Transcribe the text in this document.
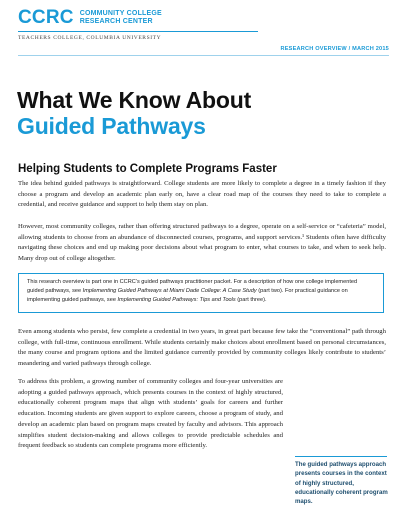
CCRC COMMUNITY COLLEGE
RESEARCH CENTER
TEACHERS COLLEGE, COLUMBIA UNIVERSITY
RESEARCH OVERVIEW / MARCH 2015
What We Know About
Guided Pathways
Helping Students to Complete Programs Faster
The idea behind guided pathways is straightforward. College students are more likely to complete a degree in a timely fashion if they choose a program and develop an academic plan early on, have a clear road map of the courses they need to take to complete a credential, and receive guidance and support to help them stay on plan.
However, most community colleges, rather than offering structured pathways to a degree, operate on a self-service or “cafeteria” model, allowing students to choose from an abundance of disconnected courses, programs, and support services.¹ Students often have difficulty navigating these choices and end up making poor decisions about what program to enter, what courses to take, and when to seek help. Many drop out of college altogether.
This research overview is part one in CCRC’s guided pathways practitioner packet. For a description of how one college implemented guided pathways, see Implementing Guided Pathways at Miami Dade College: A Case Study (part two). For practical guidance on implementing guided pathways, see Implementing Guided Pathways: Tips and Tools (part three).
Even among students who persist, few complete a credential in two years, in great part because few take the “conventional” path through college, with full-time, continuous enrollment. While students certainly make choices about enrollment based on personal circumstances, the many course and program options and the limited guidance currently provided by community colleges likely contribute to students’ meandering and varied pathways through college.
To address this problem, a growing number of community colleges and four-year universities are adopting a guided pathways approach, which presents courses in the context of highly structured, educationally coherent program maps that align with students’ goals for careers and further education. Incoming students are given support to explore careers, choose a program of study, and develop an academic plan based on program maps created by faculty and advisors. This approach simplifies student decision-making and allows colleges to provide predictable schedules and frequent feedback so students can complete programs more efficiently.
The guided pathways approach presents courses in the context of highly structured, educationally coherent program maps.
